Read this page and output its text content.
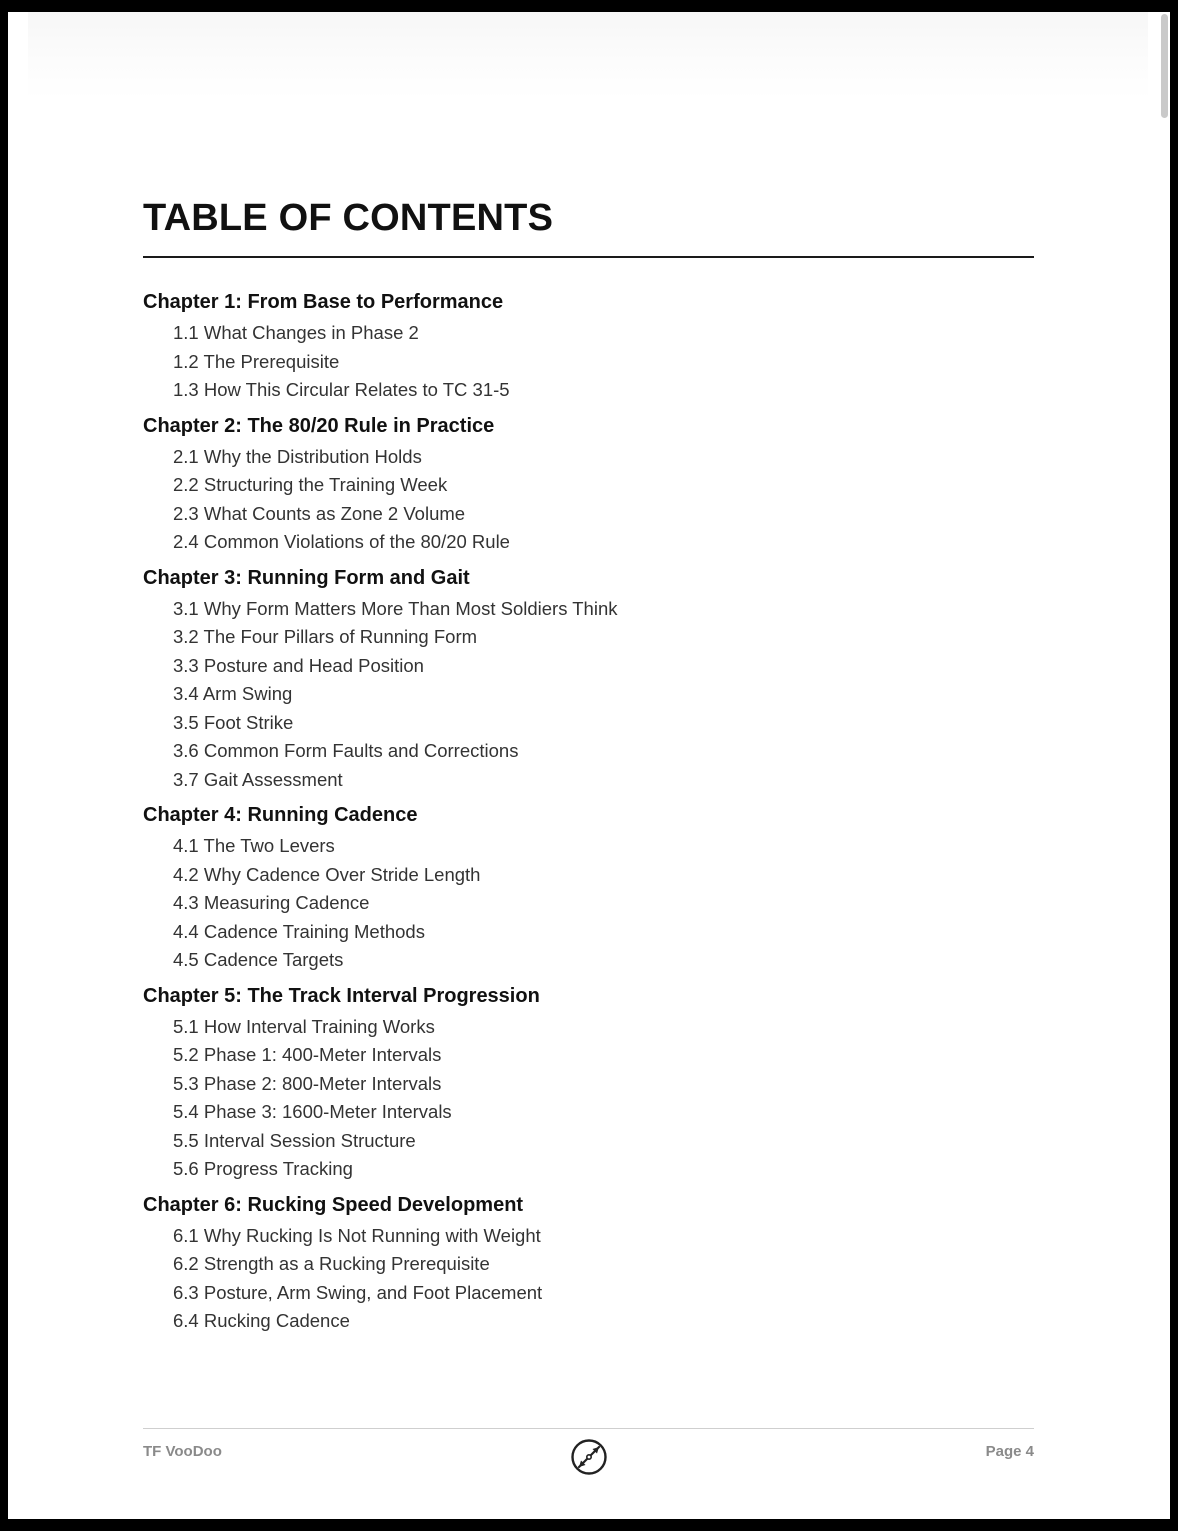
TABLE OF CONTENTS
Chapter 1: From Base to Performance
1.1 What Changes in Phase 2
1.2 The Prerequisite
1.3 How This Circular Relates to TC 31-5
Chapter 2: The 80/20 Rule in Practice
2.1 Why the Distribution Holds
2.2 Structuring the Training Week
2.3 What Counts as Zone 2 Volume
2.4 Common Violations of the 80/20 Rule
Chapter 3: Running Form and Gait
3.1 Why Form Matters More Than Most Soldiers Think
3.2 The Four Pillars of Running Form
3.3 Posture and Head Position
3.4 Arm Swing
3.5 Foot Strike
3.6 Common Form Faults and Corrections
3.7 Gait Assessment
Chapter 4: Running Cadence
4.1 The Two Levers
4.2 Why Cadence Over Stride Length
4.3 Measuring Cadence
4.4 Cadence Training Methods
4.5 Cadence Targets
Chapter 5: The Track Interval Progression
5.1 How Interval Training Works
5.2 Phase 1: 400-Meter Intervals
5.3 Phase 2: 800-Meter Intervals
5.4 Phase 3: 1600-Meter Intervals
5.5 Interval Session Structure
5.6 Progress Tracking
Chapter 6: Rucking Speed Development
6.1 Why Rucking Is Not Running with Weight
6.2 Strength as a Rucking Prerequisite
6.3 Posture, Arm Swing, and Foot Placement
6.4 Rucking Cadence
TF VooDoo	Page 4
